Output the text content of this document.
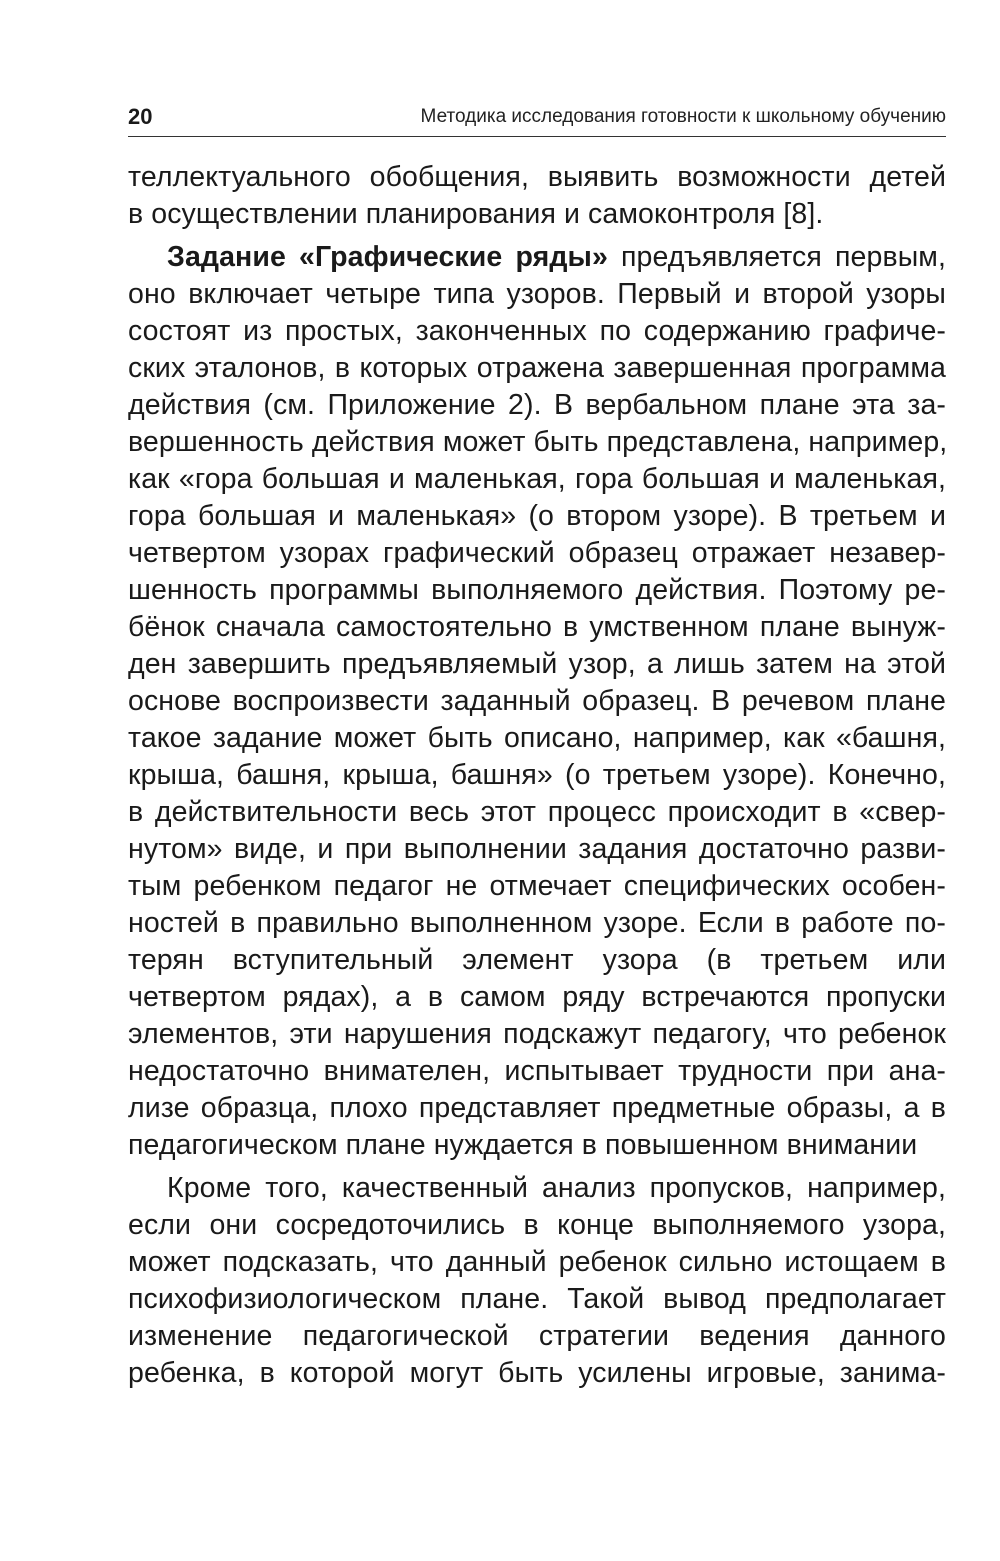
20	Методика исследования готовности к школьному обучению
теллектуального обобщения, выявить возможности детей
в осуществлении планирования и самоконтроля [8].
Задание «Графические ряды» предъявляется первым,
оно включает четыре типа узоров. Первый и второй узоры
состоят из простых, законченных по содержанию графиче-
ских эталонов, в которых отражена завершенная программа
действия (см. Приложение 2). В вербальном плане эта за-
вершенность действия может быть представлена, например,
как «гора большая и маленькая, гора большая и маленькая,
гора большая и маленькая» (о втором узоре). В третьем и
четвертом узорах графический образец отражает незавер-
шенность программы выполняемого действия. Поэтому ре-
бёнок сначала самостоятельно в умственном плане вынуж-
ден завершить предъявляемый узор, а лишь затем на этой
основе воспроизвести заданный образец. В речевом плане
такое задание может быть описано, например, как «башня,
крыша, башня, крыша, башня» (о третьем узоре). Конечно,
в действительности весь этот процесс происходит в «свер-
нутом» виде, и при выполнении задания достаточно разви-
тым ребенком педагог не отмечает специфических особен-
ностей в правильно выполненном узоре. Если в работе по-
терян вступительный элемент узора (в третьем или
четвертом рядах), а в самом ряду встречаются пропуски
элементов, эти нарушения подскажут педагогу, что ребенок
недостаточно внимателен, испытывает трудности при ана-
лизе образца, плохо представляет предметные образы, а в
педагогическом плане нуждается в повышенном внимании
Кроме того, качественный анализ пропусков, например,
если они сосредоточились в конце выполняемого узора,
может подсказать, что данный ребенок сильно истощаем в
психофизиологическом плане. Такой вывод предполагает
изменение педагогической стратегии ведения данного
ребенка, в которой могут быть усилены игровые, занима-
